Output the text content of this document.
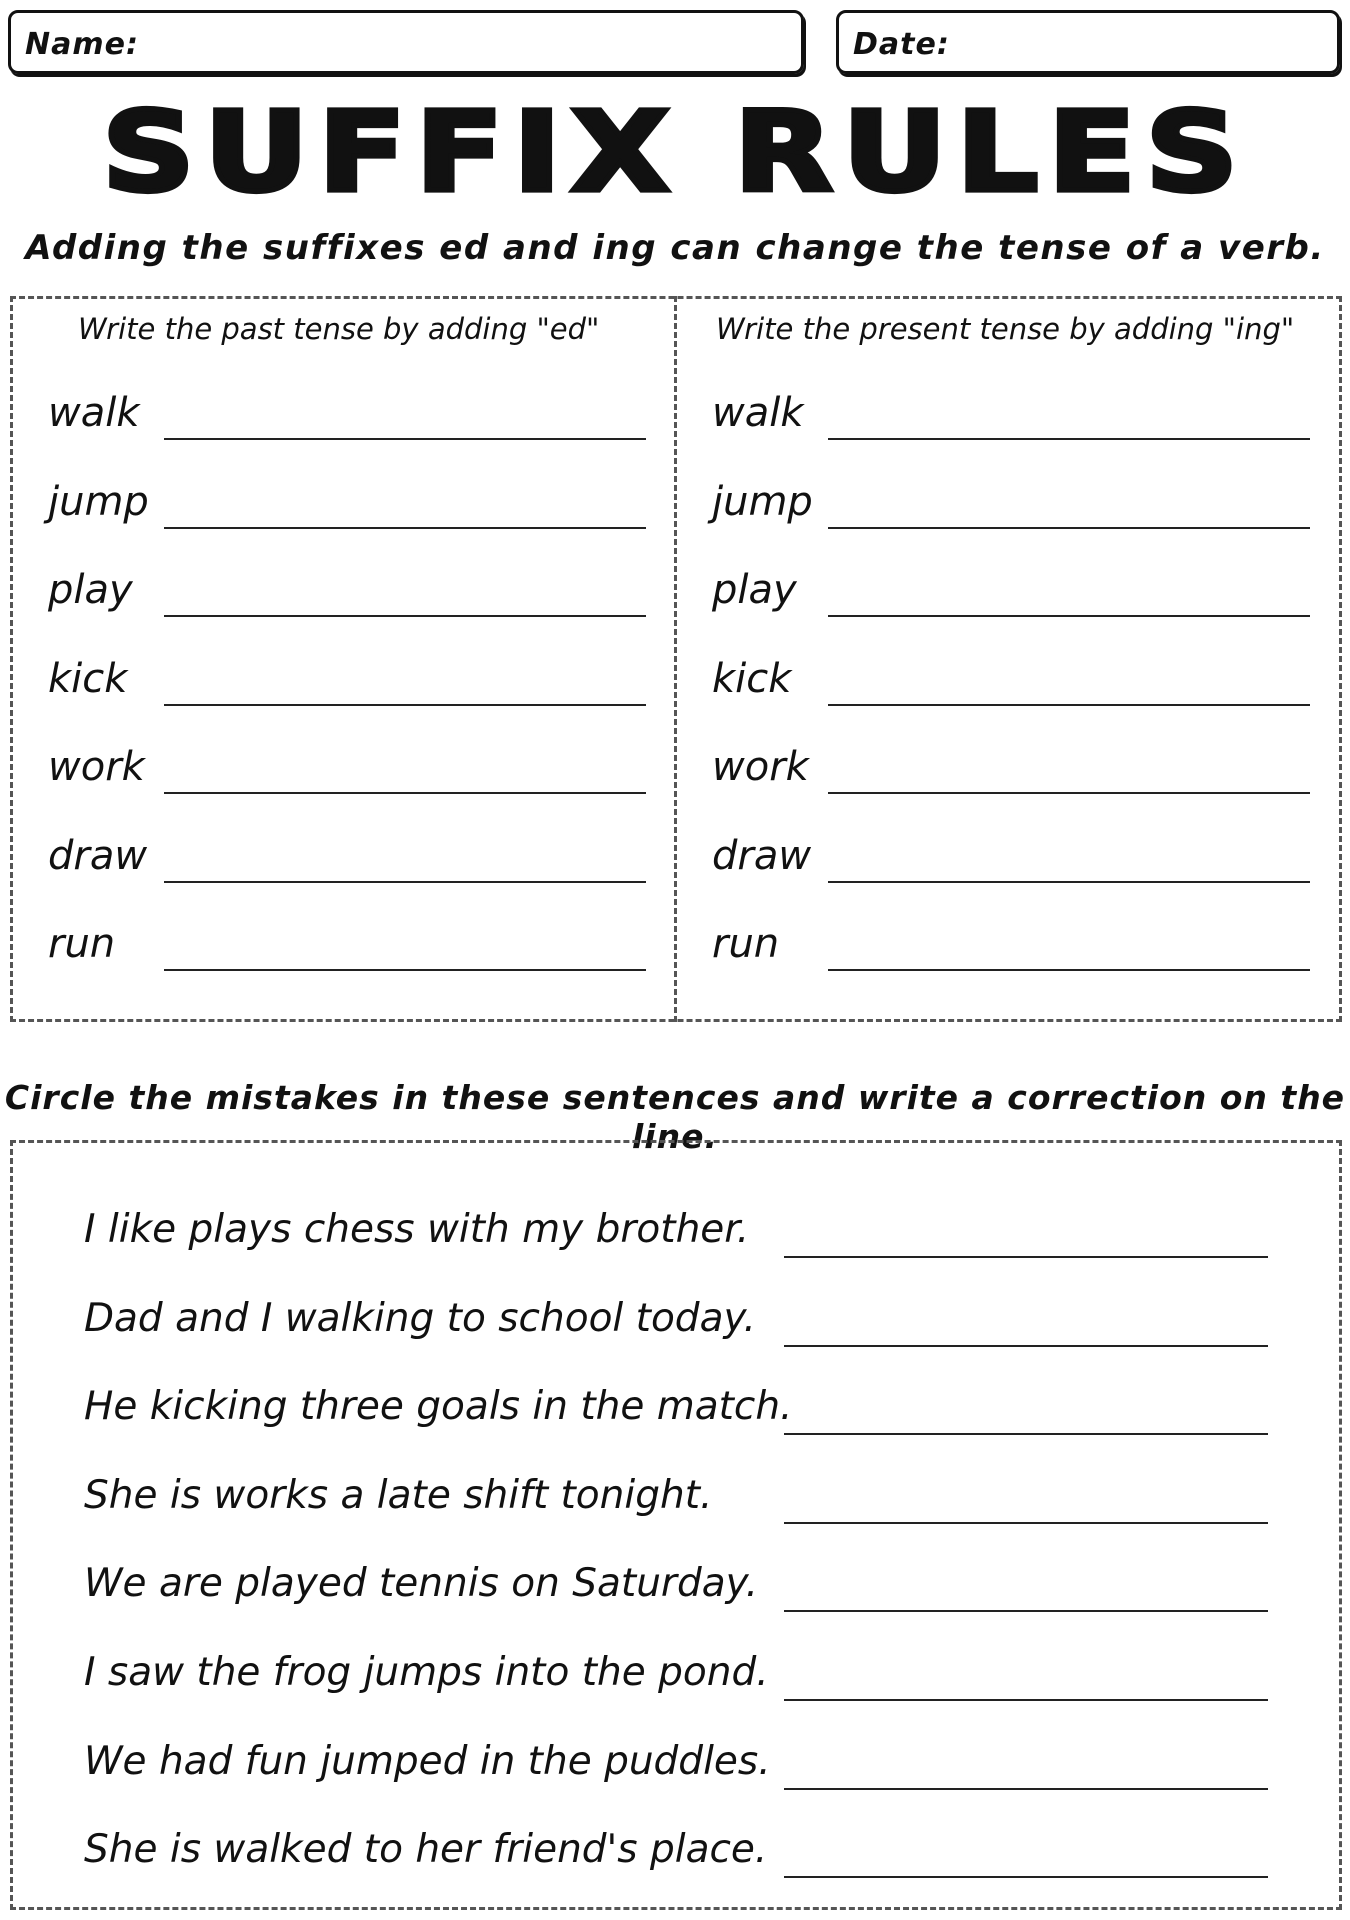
Name:	Date:
SUFFIX RULES
Adding the suffixes ed and ing can change the tense of a verb.
Write the past tense by adding "ed"	Write the present tense by adding "ing"
walk
jump
play
kick
work
draw
run
walk
jump
play
kick
work
draw
run
Circle the mistakes in these sentences and write a correction on the line.
I like plays chess with my brother.
Dad and I walking to school today.
He kicking three goals in the match.
She is works a late shift tonight.
We are played tennis on Saturday.
I saw the frog jumps into the pond.
We had fun jumped in the puddles.
She is walked to her friend's place.
